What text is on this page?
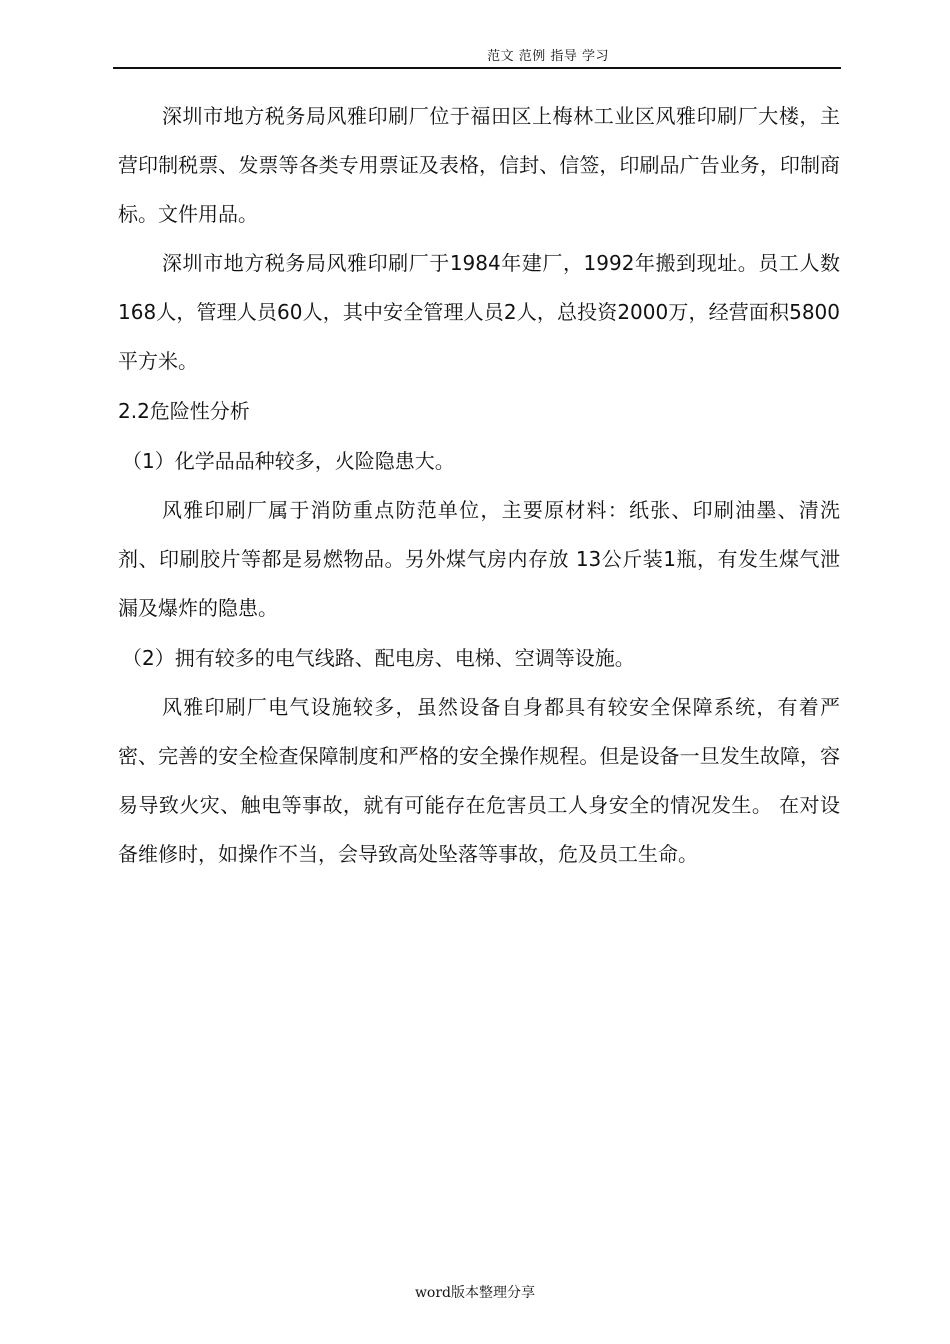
范文 范例 指导 学习

深圳市地方税务局风雅印刷厂位于福田区上梅林工业区风雅印刷厂大楼，主营印制税票、发票等各类专用票证及表格，信封、信签，印刷品广告业务，印制商标。文件用品。

深圳市地方税务局风雅印刷厂于1984年建厂，1992年搬到现址。员工人数168人，管理人员60人，其中安全管理人员2人，总投资2000万，经营面积5800平方米。

2.2危险性分析

（1）化学品品种较多，火险隐患大。

风雅印刷厂属于消防重点防范单位，主要原材料：纸张、印刷油墨、清洗剂、印刷胶片等都是易燃物品。另外煤气房内存放 13公斤装1瓶，有发生煤气泄漏及爆炸的隐患。

（2）拥有较多的电气线路、配电房、电梯、空调等设施。

风雅印刷厂电气设施较多，虽然设备自身都具有较安全保障系统，有着严密、完善的安全检查保障制度和严格的安全操作规程。但是设备一旦发生故障，容易导致火灾、触电等事故，就有可能存在危害员工人身安全的情况发生。 在对设备维修时，如操作不当，会导致高处坠落等事故，危及员工生命。

word版本整理分享
